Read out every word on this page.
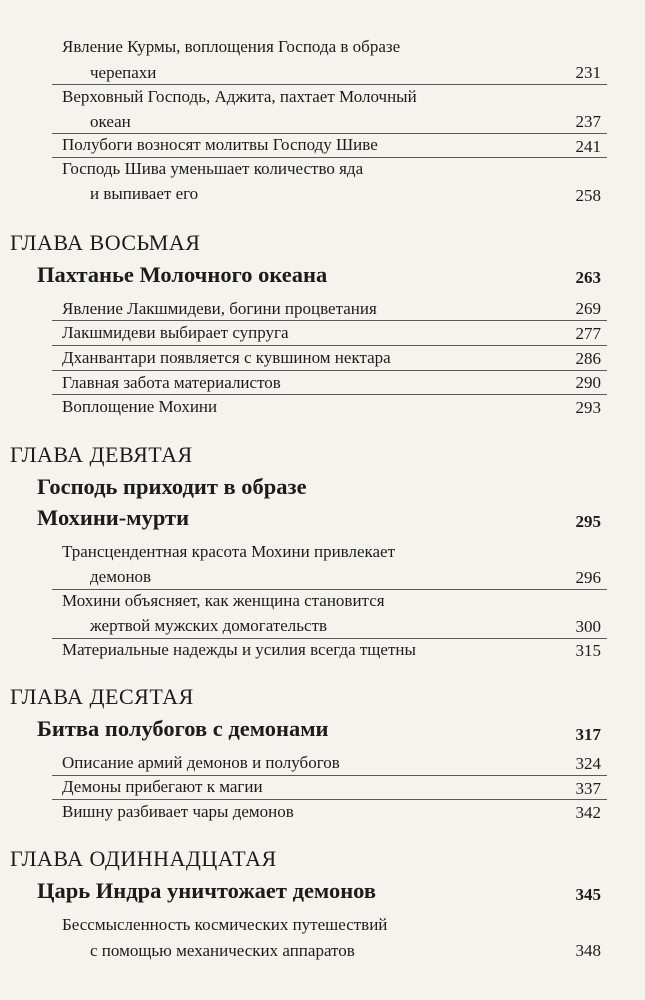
Явление Курмы, воплощения Господа в образе
черепахи	231
Верховный Господь, Аджита, пахтает Молочный
океан	237
Полубоги возносят молитвы Господу Шиве	241
Господь Шива уменьшает количество яда
и выпивает его	258
ГЛАВА ВОСЬМАЯ
Пахтанье Молочного океана	263
Явление Лакшмидеви, богини процветания	269
Лакшмидеви выбирает супруга	277
Дханвантари появляется с кувшином нектара	286
Главная забота материалистов	290
Воплощение Мохини	293
ГЛАВА ДЕВЯТАЯ
Господь приходит в образе
Мохини-мурти	295
Трансцендентная красота Мохини привлекает
демонов	296
Мохини объясняет, как женщина становится
жертвой мужских домогательств	300
Материальные надежды и усилия всегда тщетны	315
ГЛАВА ДЕСЯТАЯ
Битва полубогов с демонами	317
Описание армий демонов и полубогов	324
Демоны прибегают к магии	337
Вишну разбивает чары демонов	342
ГЛАВА ОДИННАДЦАТАЯ
Царь Индра уничтожает демонов	345
Бессмысленность космических путешествий
с помощью механических аппаратов	348
